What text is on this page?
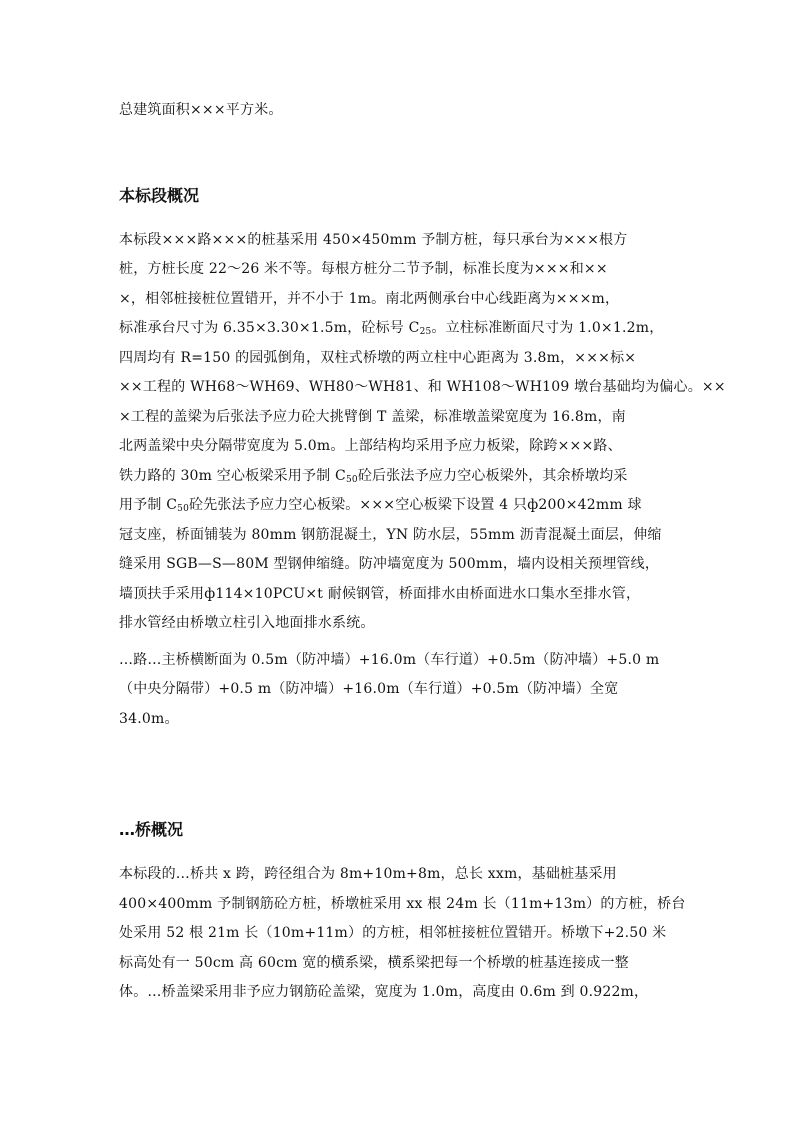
总建筑面积×××平方米。
本标段概况
本标段×××路×××的桩基采用 450×450mm 予制方桩，每只承台为×××根方
桩，方桩长度 22～26 米不等。每根方桩分二节予制，标准长度为×××和××
×，相邻桩接桩位置错开，并不小于 1m。南北两侧承台中心线距离为×××m，
标准承台尺寸为 6.35×3.30×1.5m，砼标号 $C_{25}$。立柱标准断面尺寸为 1.0×1.2m，
四周均有 R=150 的园弧倒角，双柱式桥墩的两立柱中心距离为 3.8m，×××标×
××工程的 WH68～WH69、WH80～WH81、和 WH108～WH109 墩台基础均为偏心。××
×工程的盖梁为后张法予应力砼大挑臂倒 T 盖梁，标准墩盖梁宽度为 16.8m，南
北两盖梁中央分隔带宽度为 5.0m。上部结构均采用予应力板梁，除跨×××路、
铁力路的 30m 空心板梁采用予制 $C_{50}$砼后张法予应力空心板梁外，其余桥墩均采
用予制 $C_{50}$砼先张法予应力空心板梁。×××空心板梁下设置 4 只ф200×42mm 球
冠支座，桥面铺装为 80mm 钢筋混凝土，YN 防水层，55mm 沥青混凝土面层，伸缩
缝采用 SGB—S—80M 型钢伸缩缝。防冲墙宽度为 500mm，墙内设相关预埋管线，
墙顶扶手采用ф114×10PCU×t 耐候钢管，桥面排水由桥面进水口集水至排水管，
排水管经由桥墩立柱引入地面排水系统。
…路…主桥横断面为 0.5m（防冲墙）+16.0m（车行道）+0.5m（防冲墙）+5.0 m
（中央分隔带）+0.5 m（防冲墙）+16.0m（车行道）+0.5m（防冲墙）全宽
34.0m。
…桥概况
本标段的…桥共 x 跨，跨径组合为 8m+10m+8m，总长 xxm，基础桩基采用
400×400mm 予制钢筋砼方桩，桥墩桩采用 xx 根 24m 长（11m+13m）的方桩，桥台
处采用 52 根 21m 长（10m+11m）的方桩，相邻桩接桩位置错开。桥墩下+2.50 米
标高处有一 50cm 高 60cm 宽的横系梁，横系梁把每一个桥墩的桩基连接成一整
体。…桥盖梁采用非予应力钢筋砼盖梁，宽度为 1.0m，高度由 0.6m 到 0.922m，
